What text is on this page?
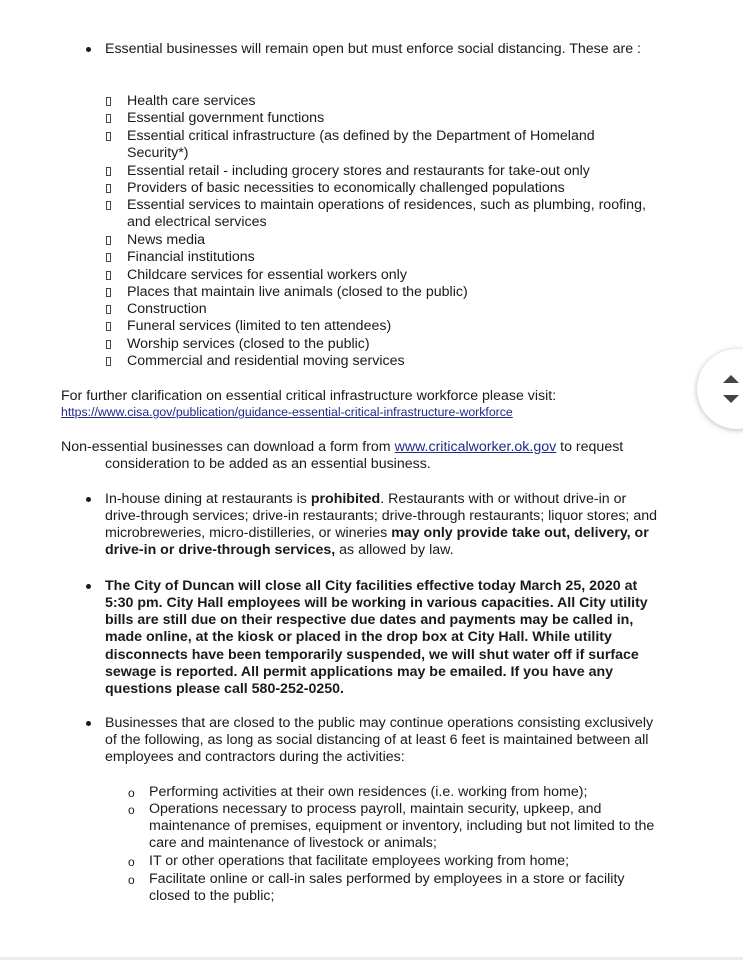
Essential businesses will remain open but must enforce social distancing. These are :
Health care services
Essential government functions
Essential critical infrastructure (as defined by the Department of Homeland
Security*)
Essential retail - including grocery stores and restaurants for take-out only
Providers of basic necessities to economically challenged populations
Essential services to maintain operations of residences, such as plumbing, roofing,
and electrical services
News media
Financial institutions
Childcare services for essential workers only
Places that maintain live animals (closed to the public)
Construction
Funeral services (limited to ten attendees)
Worship services (closed to the public)
Commercial and residential moving services
For further clarification on essential critical infrastructure workforce please visit:
https://www.cisa.gov/publication/guidance-essential-critical-infrastructure-workforce
Non-essential businesses can download a form from www.criticalworker.ok.gov to request
consideration to be added as an essential business.
In-house dining at restaurants is prohibited. Restaurants with or without drive-in or
drive-through services; drive-in restaurants; drive-through restaurants; liquor stores; and
microbreweries, micro-distilleries, or wineries may only provide take out, delivery, or
drive-in or drive-through services, as allowed by law.
The City of Duncan will close all City facilities effective today March 25, 2020 at
5:30 pm. City Hall employees will be working in various capacities. All City utility
bills are still due on their respective due dates and payments may be called in,
made online, at the kiosk or placed in the drop box at City Hall. While utility
disconnects have been temporarily suspended, we will shut water off if surface
sewage is reported. All permit applications may be emailed. If you have any
questions please call 580-252-0250.
Businesses that are closed to the public may continue operations consisting exclusively
of the following, as long as social distancing of at least 6 feet is maintained between all
employees and contractors during the activities:
o Performing activities at their own residences (i.e. working from home);
o Operations necessary to process payroll, maintain security, upkeep, and
maintenance of premises, equipment or inventory, including but not limited to the
care and maintenance of livestock or animals;
o IT or other operations that facilitate employees working from home;
o Facilitate online or call-in sales performed by employees in a store or facility
closed to the public;
